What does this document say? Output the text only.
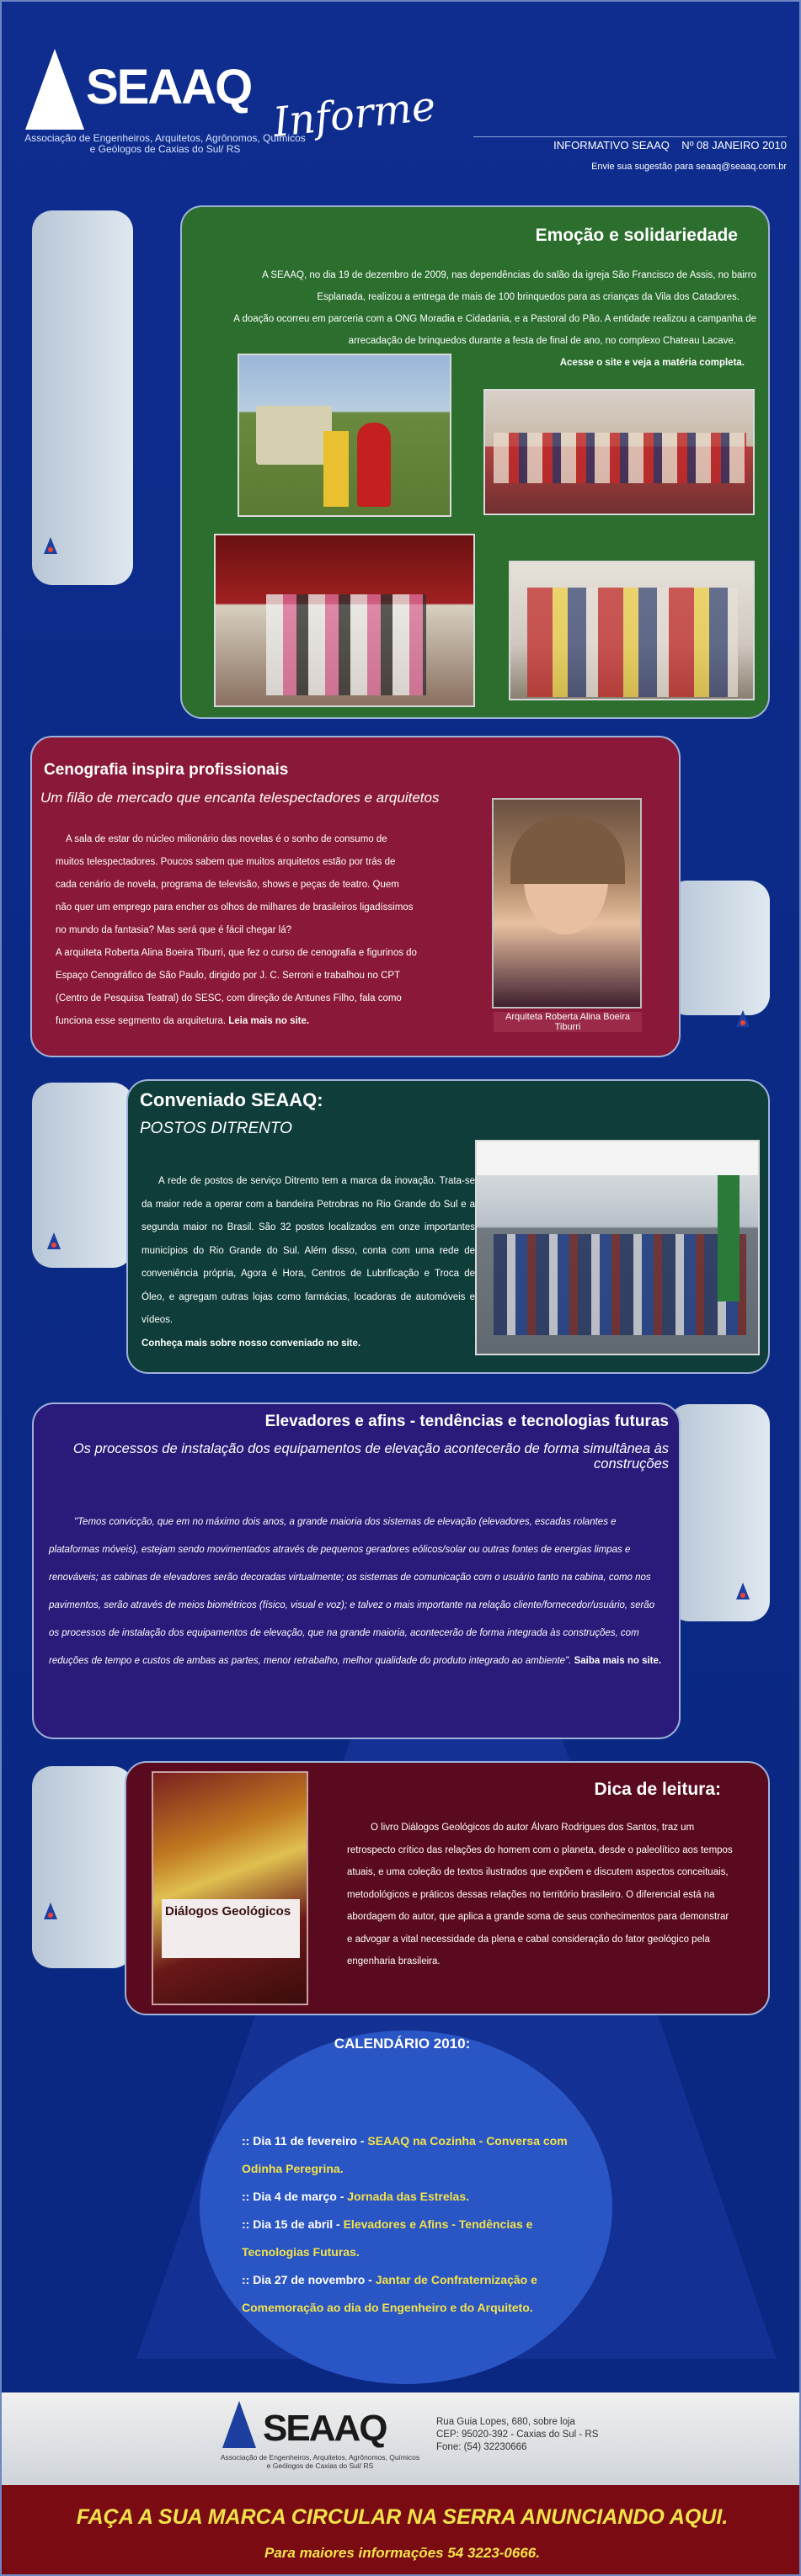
SEAAQ Informe
Associação de Engenheiros, Arquitetos, Agrônomos, Químicos e Geólogos de Caxias do Sul/ RS	INFORMATIVO SEAAQ    Nº 08 JANEIRO 2010
Envie sua sugestão para seaaq@seaaq.com.br
Emoção e solidariedade
A SEAAQ, no dia 19 de dezembro de 2009, nas dependências do salão da igreja São Francisco de Assis, no bairro
Esplanada, realizou a entrega de mais de 100 brinquedos para as crianças da Vila dos Catadores.
A doação ocorreu em parceria com a ONG Moradia e Cidadania, e a Pastoral do Pão. A entidade realizou a campanha de
arrecadação de brinquedos durante a festa de final de ano, no complexo Chateau Lacave.
Acesse o site e veja a matéria completa.
Cenografia inspira profissionais
Um filão de mercado que encanta telespectadores e arquitetos
A sala de estar do núcleo milionário das novelas é o sonho de consumo de muitos telespectadores. Poucos sabem que muitos arquitetos estão por trás de cada cenário de novela, programa de televisão, shows e peças de teatro. Quem não quer um emprego para encher os olhos de milhares de brasileiros ligadíssimos no mundo da fantasia? Mas será que é fácil chegar lá?
A arquiteta Roberta Alina Boeira Tiburri, que fez o curso de cenografia e figurinos do Espaço Cenográfico de São Paulo, dirigido por J. C. Serroni e trabalhou no CPT (Centro de Pesquisa Teatral) do SESC, com direção de Antunes Filho, fala como funciona esse segmento da arquitetura. Leia mais no site.	Arquiteta Roberta Alina Boeira Tiburri
Conveniado SEAAQ:
POSTOS DITRENTO
A rede de postos de serviço Ditrento tem a marca da inovação. Trata-se da maior rede a operar com a bandeira Petrobras no Rio Grande do Sul e a segunda maior no Brasil. São 32 postos localizados em onze importantes municípios do Rio Grande do Sul. Além disso, conta com uma rede de conveniência própria, Agora é Hora, Centros de Lubrificação e Troca de Óleo, e agregam outras lojas como farmácias, locadoras de automóveis e vídeos.
Conheça mais sobre nosso conveniado no site.
Elevadores e afins - tendências e tecnologias futuras
Os processos de instalação dos equipamentos de elevação acontecerão de forma simultânea às construções
"Temos convicção, que em no máximo dois anos, a grande maioria dos sistemas de elevação (elevadores, escadas rolantes e plataformas móveis), estejam sendo movimentados através de pequenos geradores eólicos/solar ou outras fontes de energias limpas e renováveis; as cabinas de elevadores serão decoradas virtualmente; os sistemas de comunicação com o usuário tanto na cabina, como nos pavimentos, serão através de meios biométricos (físico, visual e voz); e talvez o mais importante na relação cliente/fornecedor/usuário, serão os processos de instalação dos equipamentos de elevação, que na grande maioria, acontecerão de forma integrada às construções, com reduções de tempo e custos de ambas as partes, menor retrabalho, melhor qualidade do produto integrado ao ambiente". Saiba mais no site.
Dica de leitura:
Diálogos Geológicos
O livro Diálogos Geológicos do autor Álvaro Rodrigues dos Santos, traz um retrospecto crítico das relações do homem com o planeta, desde o paleolítico aos tempos atuais, e uma coleção de textos ilustrados que expõem e discutem aspectos conceituais, metodológicos e práticos dessas relações no território brasileiro. O diferencial está na abordagem do autor, que aplica a grande soma de seus conhecimentos para demonstrar e advogar a vital necessidade da plena e cabal consideração do fator geológico pela engenharia brasileira.
CALENDÁRIO 2010:
:: Dia 11 de fevereiro - SEAAQ na Cozinha - Conversa com Odinha Peregrina.
:: Dia 4 de março - Jornada das Estrelas.
:: Dia 15 de abril - Elevadores e Afins - Tendências e Tecnologias Futuras.
:: Dia 27 de novembro - Jantar de Confraternização e Comemoração ao dia do Engenheiro e do Arquiteto.
SEAAQ
Associação de Engenheiros, Arquitetos, Agrônomos, Químicos e Geólogos de Caxias do Sul/ RS
Rua Guia Lopes, 680, sobre loja
CEP: 95020-392 - Caxias do Sul - RS
Fone: (54) 32230666
FAÇA A SUA MARCA CIRCULAR NA SERRA ANUNCIANDO AQUI.
Para maiores informações 54 3223-0666.
